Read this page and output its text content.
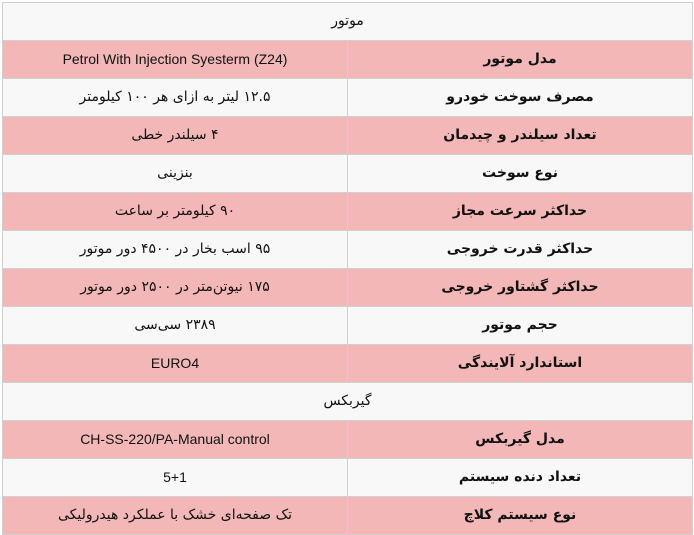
موتور	
مدل موتور	Petrol With Injection Syesterm (Z24)
مصرف سوخت خودرو	۱۲.۵ لیتر به ازای هر ۱۰۰ کیلومتر
تعداد سیلندر و چیدمان	۴ سیلندر خطی
نوع سوخت	بنزینی
حداکثر سرعت مجاز	۹۰ کیلومتر بر ساعت
حداکثر قدرت خروجی	۹۵ اسب بخار در ۴۵۰۰ دور موتور
حداکثر گشتاور خروجی	۱۷۵ نیوتن‌متر در ۲۵۰۰ دور موتور
حجم موتور	۲۳۸۹ سی‌سی
استاندارد آلایندگی	EURO4
گیربکس	
مدل گیربکس	CH-SS-220/PA-Manual control
تعداد دنده سیستم	5+1
نوع سیستم کلاچ	تک صفحه‌ای خشک با عملکرد هیدرولیکی
